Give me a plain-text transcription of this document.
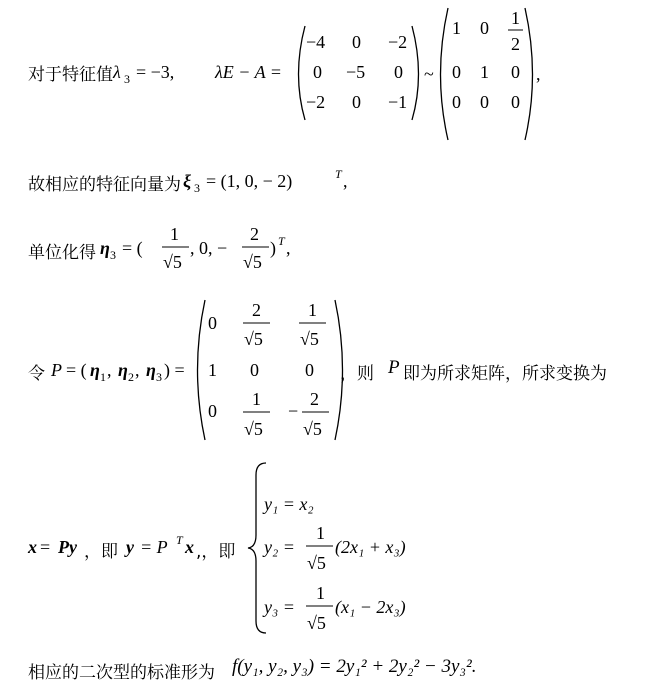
对于特征值 λ 3 = −3, λE − A =
−4 0 −2
0 −5 0
−2 0 −1
~
1 0 1
2
0 1 0
0 0 0
,
故相应的特征向量为 ξ 3 = (1, 0, − 2)	T ,
单位化得 η 3 = (
1
√5
, 0, −
2
√5
) T ,
令 P = ( η 1 , η 2 , η 3 ) =
0
2
√5
1
√5
1 0	0
0
1
√5
−
2
√5
，则 P 即为所求矩阵，所求变换为
x = Py ，即 y = P T x ,，即
y₁ = x₂
y₂ =
1
√5
(2x₁ + x₃)
y₃ =
1
√5
(x₁ − 2x₃)
相应的二次型的标准形为 f(y₁, y₂, y₃) = 2y₁² + 2y₂² − 3y₃².
